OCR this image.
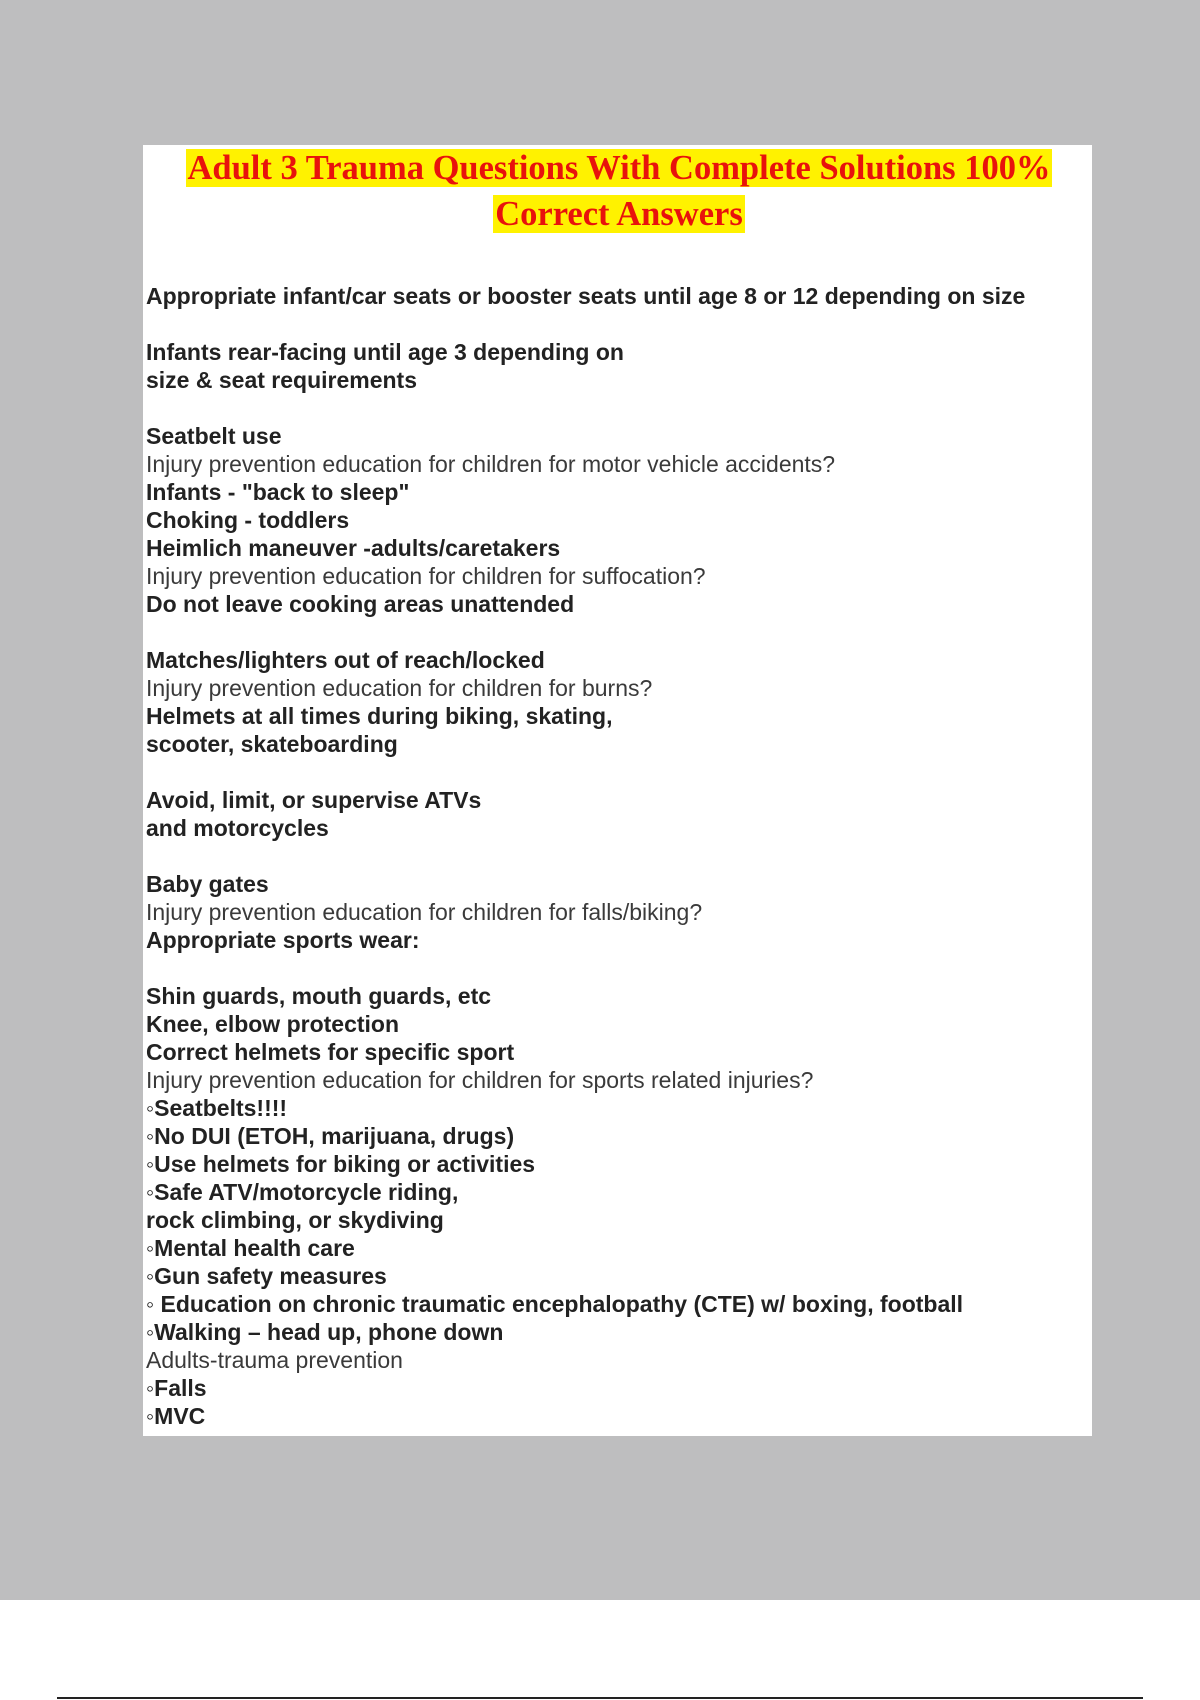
Adult 3 Trauma Questions With Complete Solutions 100%
Correct Answers
Appropriate infant/car seats or booster seats until age 8 or 12 depending on size
Infants rear-facing until age 3 depending on
size & seat requirements
Seatbelt use
Injury prevention education for children for motor vehicle accidents?
Infants - "back to sleep"
Choking - toddlers
Heimlich maneuver -adults/caretakers
Injury prevention education for children for suffocation?
Do not leave cooking areas unattended
Matches/lighters out of reach/locked
Injury prevention education for children for burns?
Helmets at all times during biking, skating,
scooter, skateboarding
Avoid, limit, or supervise ATVs
and motorcycles
Baby gates
Injury prevention education for children for falls/biking?
Appropriate sports wear:
Shin guards, mouth guards, etc
Knee, elbow protection
Correct helmets for specific sport
Injury prevention education for children for sports related injuries?
◦Seatbelts!!!!
◦No DUI (ETOH, marijuana, drugs)
◦Use helmets for biking or activities
◦Safe ATV/motorcycle riding,
rock climbing, or skydiving
◦Mental health care
◦Gun safety measures
◦ Education on chronic traumatic encephalopathy (CTE) w/ boxing, football
◦Walking – head up, phone down
Adults-trauma prevention
◦Falls
◦MVC
